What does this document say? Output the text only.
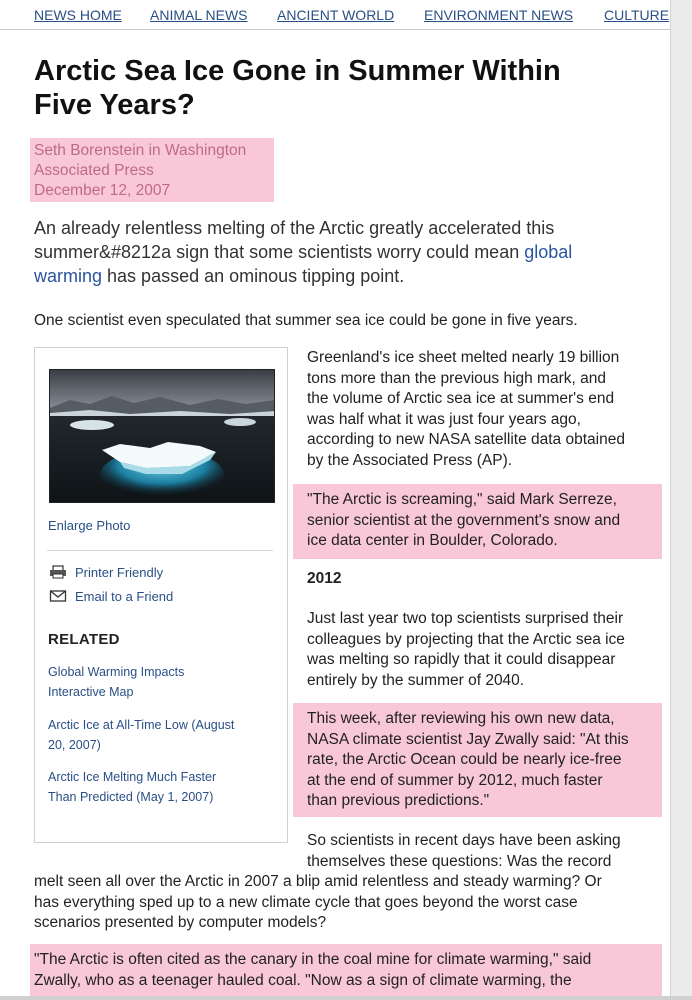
NEWS HOME ANIMAL NEWS ANCIENT WORLD ENVIRONMENT NEWS CULTURE
Arctic Sea Ice Gone in Summer Within
Five Years?
Seth Borenstein in Washington
Associated Press
December 12, 2007
An already relentless melting of the Arctic greatly accelerated this
summer&#8212a sign that some scientists worry could mean global
warming has passed an ominous tipping point.

One scientist even speculated that summer sea ice could be gone in five years.

Enlarge Photo
Printer Friendly
Email to a Friend
RELATED
Global Warming Impacts
Interactive Map
Arctic Ice at All-Time Low (August
20, 2007)
Arctic Ice Melting Much Faster
Than Predicted (May 1, 2007)
Greenland's ice sheet melted nearly 19 billion
tons more than the previous high mark, and
the volume of Arctic sea ice at summer's end
was half what it was just four years ago,
according to new NASA satellite data obtained
by the Associated Press (AP).
"The Arctic is screaming," said Mark Serreze,
senior scientist at the government's snow and
ice data center in Boulder, Colorado.
2012
Just last year two top scientists surprised their
colleagues by projecting that the Arctic sea ice
was melting so rapidly that it could disappear
entirely by the summer of 2040.
This week, after reviewing his own new data,
NASA climate scientist Jay Zwally said: "At this
rate, the Arctic Ocean could be nearly ice-free
at the end of summer by 2012, much faster
than previous predictions."
So scientists in recent days have been asking
themselves these questions: Was the record
melt seen all over the Arctic in 2007 a blip amid relentless and steady warming? Or
has everything sped up to a new climate cycle that goes beyond the worst case
scenarios presented by computer models?
"The Arctic is often cited as the canary in the coal mine for climate warming," said
Zwally, who as a teenager hauled coal. "Now as a sign of climate warming, the
